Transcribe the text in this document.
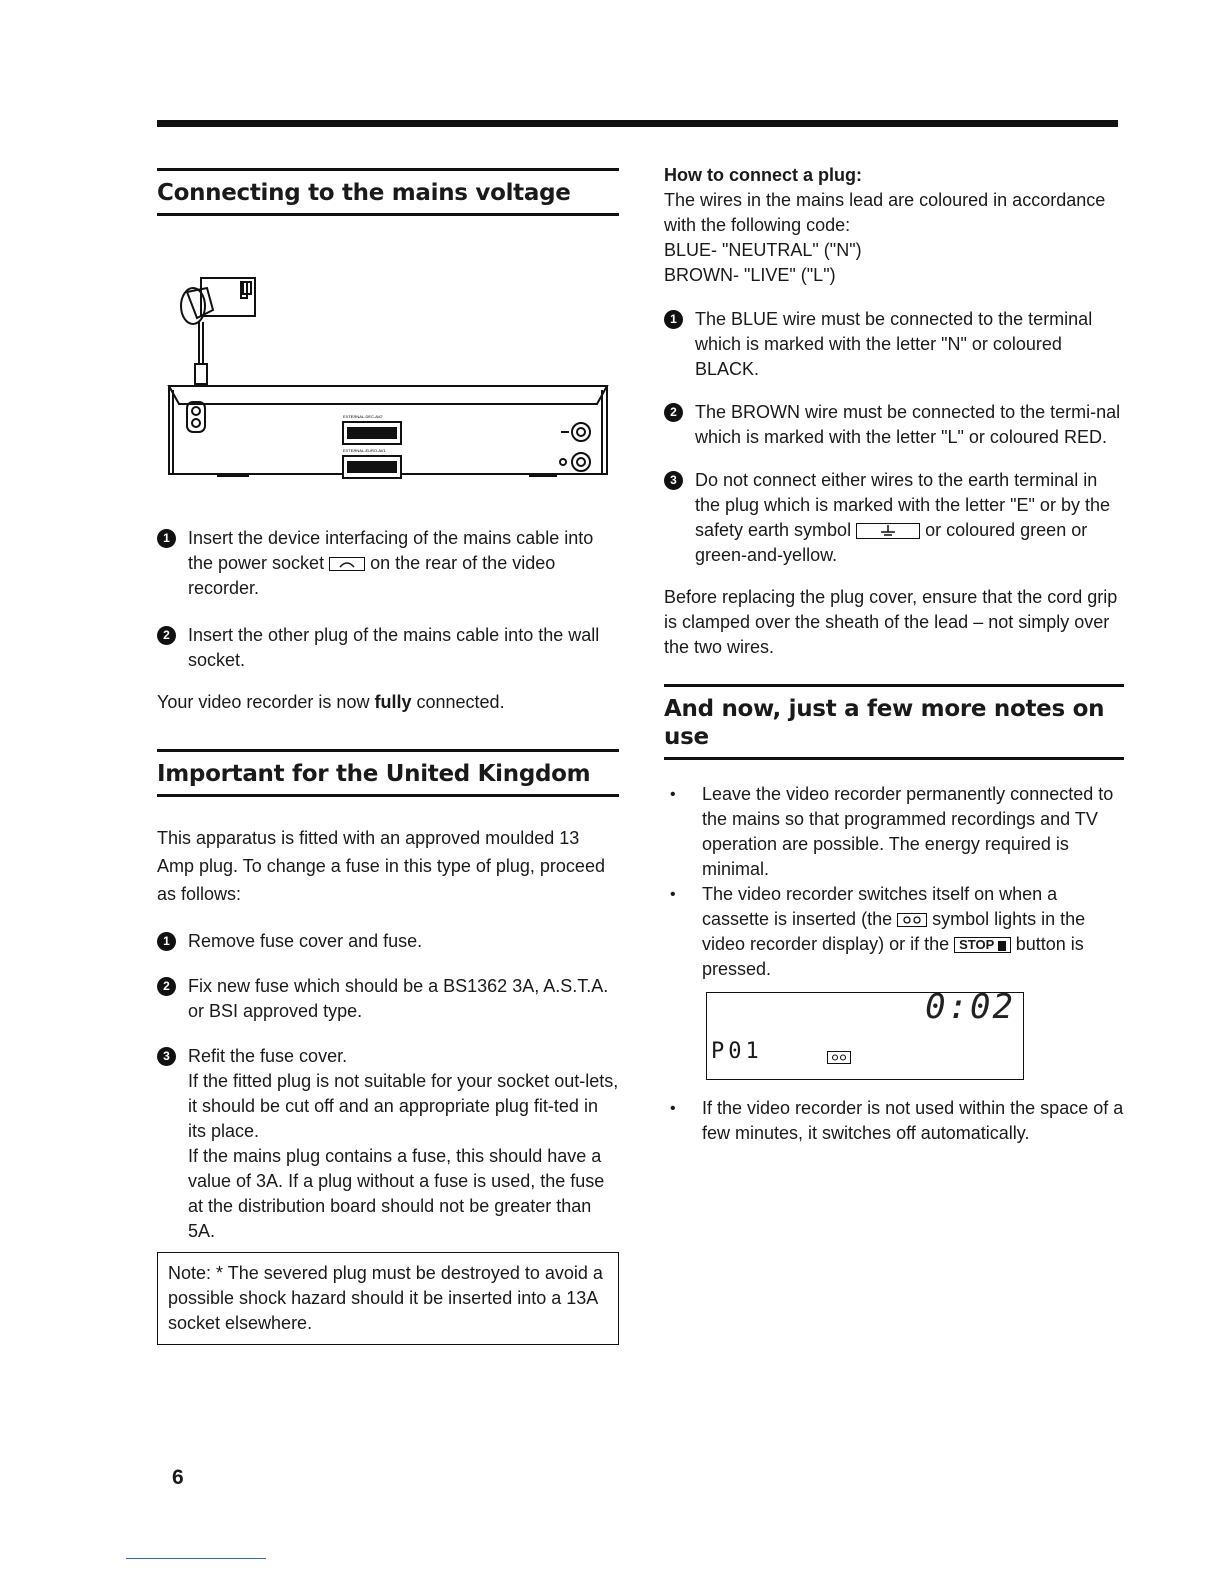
Connecting to the mains voltage
EXTERNAL-DEC-AV2
EXTERNAL-EURO-AV1
1	Insert the device interfacing of the mains cable into the power socket	on the rear of the video recorder.
2	Insert the other plug of the mains cable into the wall socket.

Your video recorder is now fully connected.

Important for the United Kingdom

This apparatus is fitted with an approved moulded 13 Amp plug. To change a fuse in this type of plug, proceed as follows:

1	Remove fuse cover and fuse.
2	Fix new fuse which should be a BS1362 3A, A.S.T.A. or BSI approved type.
3	Refit the fuse cover.

If the fitted plug is not suitable for your socket out-lets, it should be cut off and an appropriate plug fit-ted in its place.

If the mains plug contains a fuse, this should have a value of 3A. If a plug without a fuse is used, the fuse at the distribution board should not be greater than 5A.

Note: * The severed plug must be destroyed to avoid a possible shock hazard should it be inserted into a 13A socket elsewhere.

How to connect a plug:

The wires in the mains lead are coloured in accordance with the following code:

BLUE- "NEUTRAL" ("N")

BROWN- "LIVE" ("L")

1	The BLUE wire must be connected to the terminal which is marked with the letter "N" or coloured BLACK.
2	The BROWN wire must be connected to the termi-nal which is marked with the letter "L" or coloured RED.
3	Do not connect either wires to the earth terminal in the plug which is marked with the letter "E" or by the safety earth symbol	or coloured green or green-and-yellow.

Before replacing the plug cover, ensure that the cord grip is clamped over the sheath of the lead – not simply over the two wires.

And now, just a few more notes on use
• Leave the video recorder permanently connected to the mains so that programmed recordings and TV operation are possible. The energy required is minimal.
• The video recorder switches itself on when a cassette is inserted (the symbol lights in the video recorder display) or if the STOP button is pressed.
0:02
P01
• If the video recorder is not used within the space of a few minutes, it switches off automatically.
6
